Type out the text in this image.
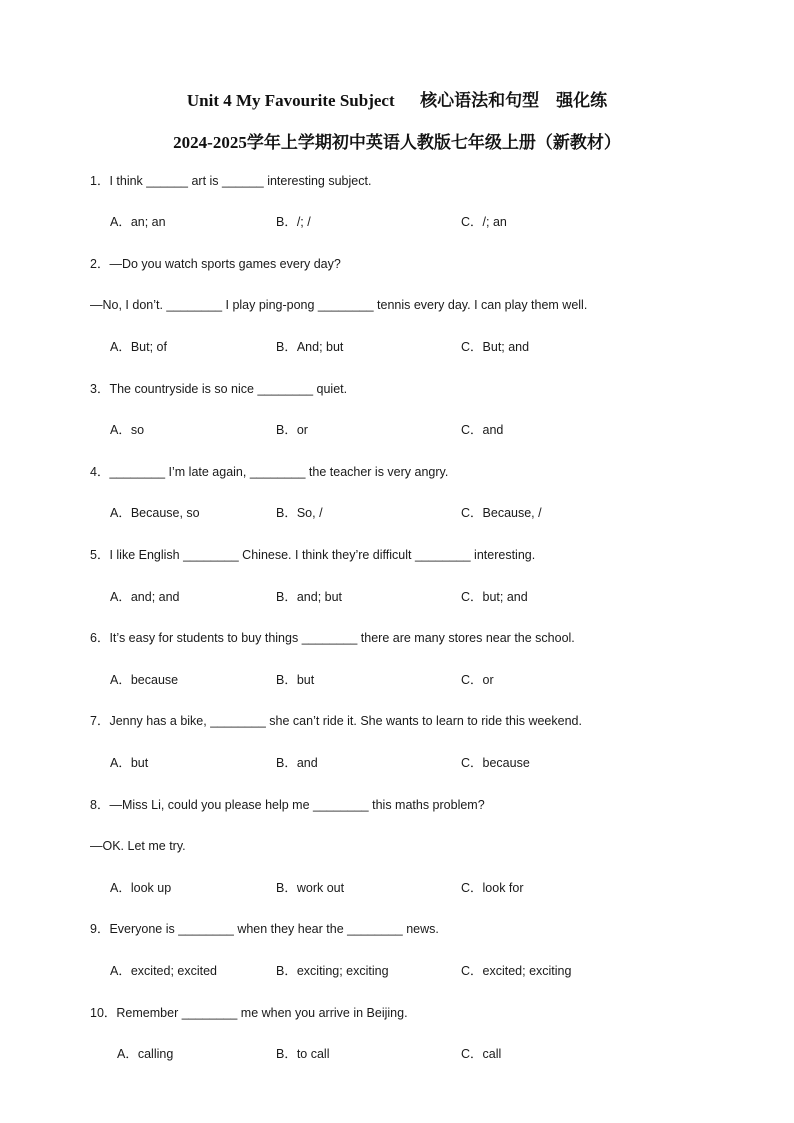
Unit 4 My Favourite Subject      核心语法和句型    强化练
2024-2025学年上学期初中英语人教版七年级上册（新教材）
1．I think ______ art is ______ interesting subject.
A．an; an	B．/; /	C．/; an
2．—Do you watch sports games every day?
—No, I don’t. ________ I play ping-pong ________ tennis every day. I can play them well.
A．But; of	B．And; but	C．But; and
3．The countryside is so nice ________ quiet.
A．so	B．or	C．and
4．________ I’m late again, ________ the teacher is very angry.
A．Because, so	B．So, /	C．Because, /
5．I like English ________ Chinese. I think they’re difficult ________ interesting.
A．and; and	B．and; but	C．but; and
6．It’s easy for students to buy things ________ there are many stores near the school.
A．because	B．but	C．or
7．Jenny has a bike, ________ she can’t ride it. She wants to learn to ride this weekend.
A．but	B．and	C．because
8．—Miss Li, could you please help me ________ this maths problem?
—OK. Let me try.
A．look up	B．work out	C．look for
9．Everyone is ________ when they hear the ________ news.
A．excited; excited	B．exciting; exciting	C．excited; exciting
10．Remember ________ me when you arrive in Beijing.
A．calling	B．to call	C．call
